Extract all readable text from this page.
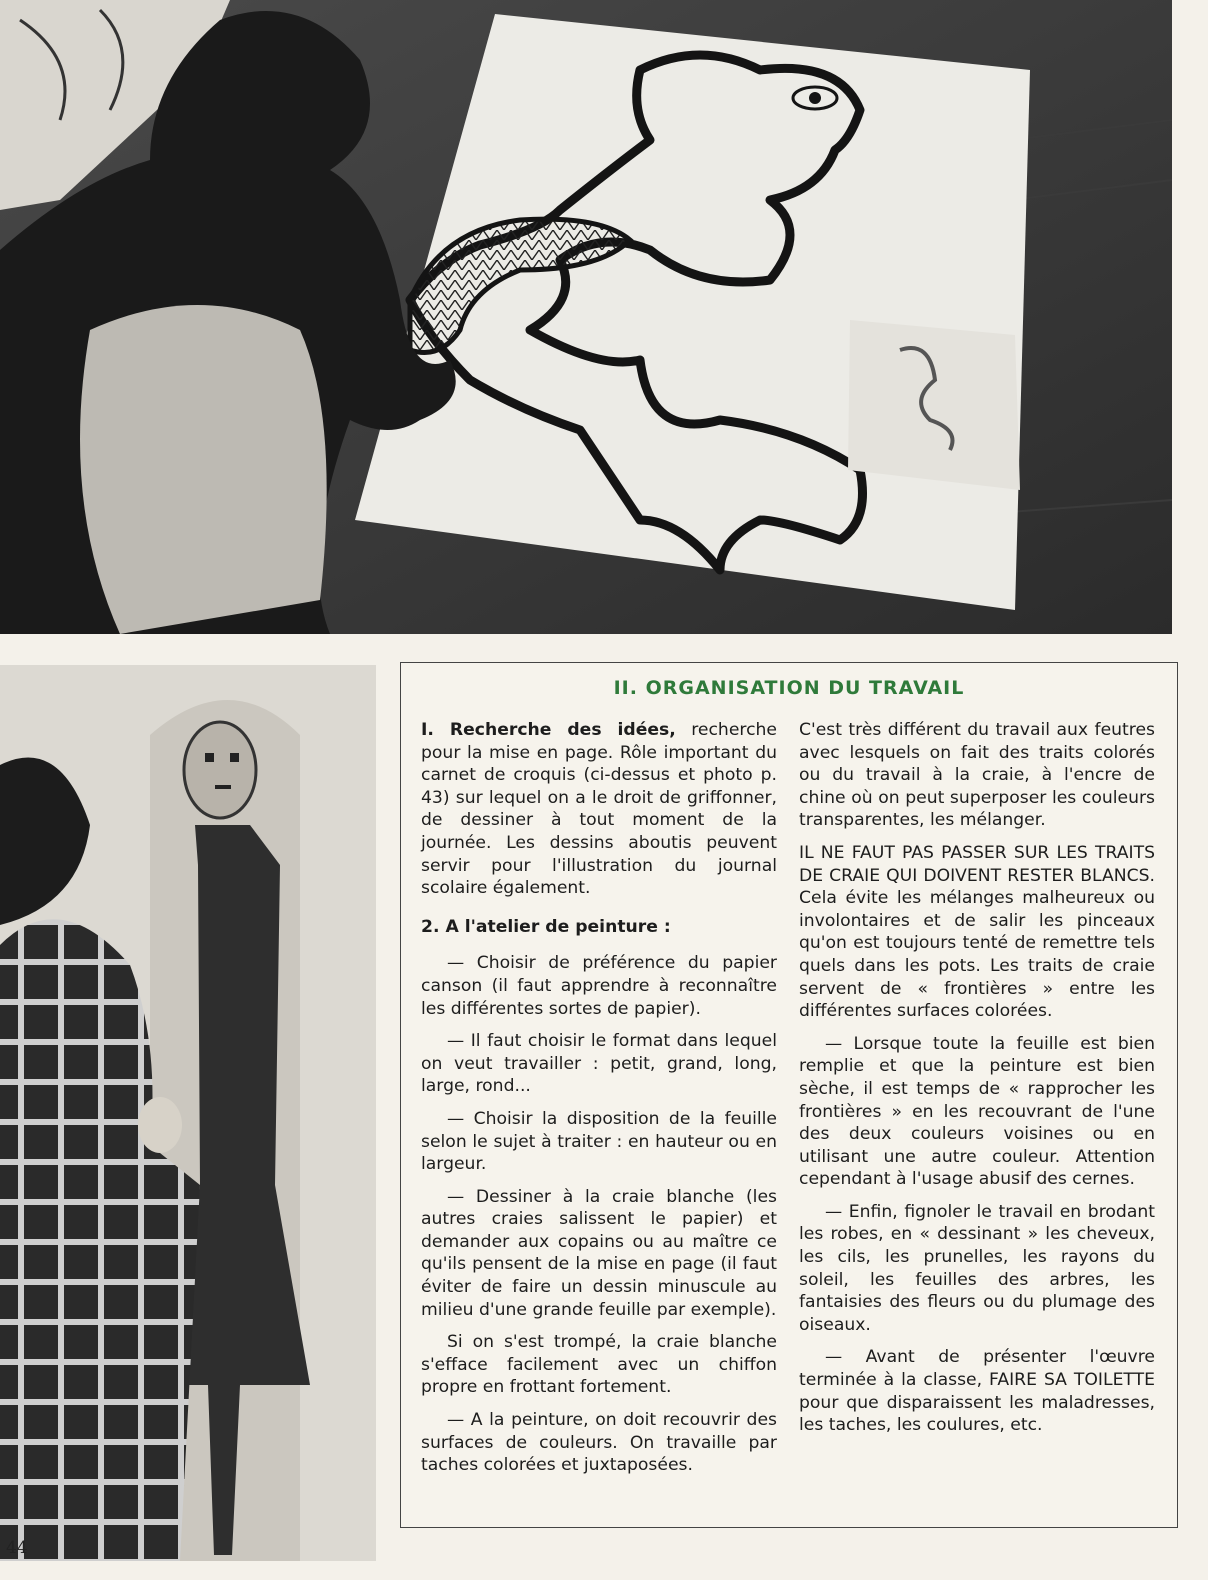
II. ORGANISATION DU TRAVAIL

I. Recherche des idées, recherche pour la mise en page. Rôle important du carnet de croquis (ci-dessus et photo p. 43) sur lequel on a le droit de griffonner, de dessiner à tout moment de la journée. Les dessins aboutis peuvent servir pour l'illustration du journal scolaire également.

2. A l'atelier de peinture :

— Choisir de préférence du papier canson (il faut apprendre à reconnaître les différentes sortes de papier).

— Il faut choisir le format dans lequel on veut travailler : petit, grand, long, large, rond...

— Choisir la disposition de la feuille selon le sujet à traiter : en hauteur ou en largeur.

— Dessiner à la craie blanche (les autres craies salissent le papier) et demander aux copains ou au maître ce qu'ils pensent de la mise en page (il faut éviter de faire un dessin minuscule au milieu d'une grande feuille par exemple).

Si on s'est trompé, la craie blanche s'efface facilement avec un chiffon propre en frottant fortement.

— A la peinture, on doit recouvrir des surfaces de couleurs. On travaille par taches colorées et juxtaposées.

C'est très différent du travail aux feutres avec lesquels on fait des traits colorés ou du travail à la craie, à l'encre de chine où on peut superposer les couleurs transparentes, les mélanger.

IL NE FAUT PAS PASSER SUR LES TRAITS DE CRAIE QUI DOIVENT RESTER BLANCS. Cela évite les mélanges malheureux ou involontaires et de salir les pinceaux qu'on est toujours tenté de remettre tels quels dans les pots. Les traits de craie servent de « frontières » entre les différentes surfaces colorées.

— Lorsque toute la feuille est bien remplie et que la peinture est bien sèche, il est temps de « rapprocher les frontières » en les recouvrant de l'une des deux couleurs voisines ou en utilisant une autre couleur. Attention cependant à l'usage abusif des cernes.

— Enfin, fignoler le travail en brodant les robes, en « dessinant » les cheveux, les cils, les prunelles, les rayons du soleil, les feuilles des arbres, les fantaisies des fleurs ou du plumage des oiseaux.

— Avant de présenter l'œuvre terminée à la classe, FAIRE SA TOILETTE pour que disparaissent les maladresses, les taches, les coulures, etc.

44
